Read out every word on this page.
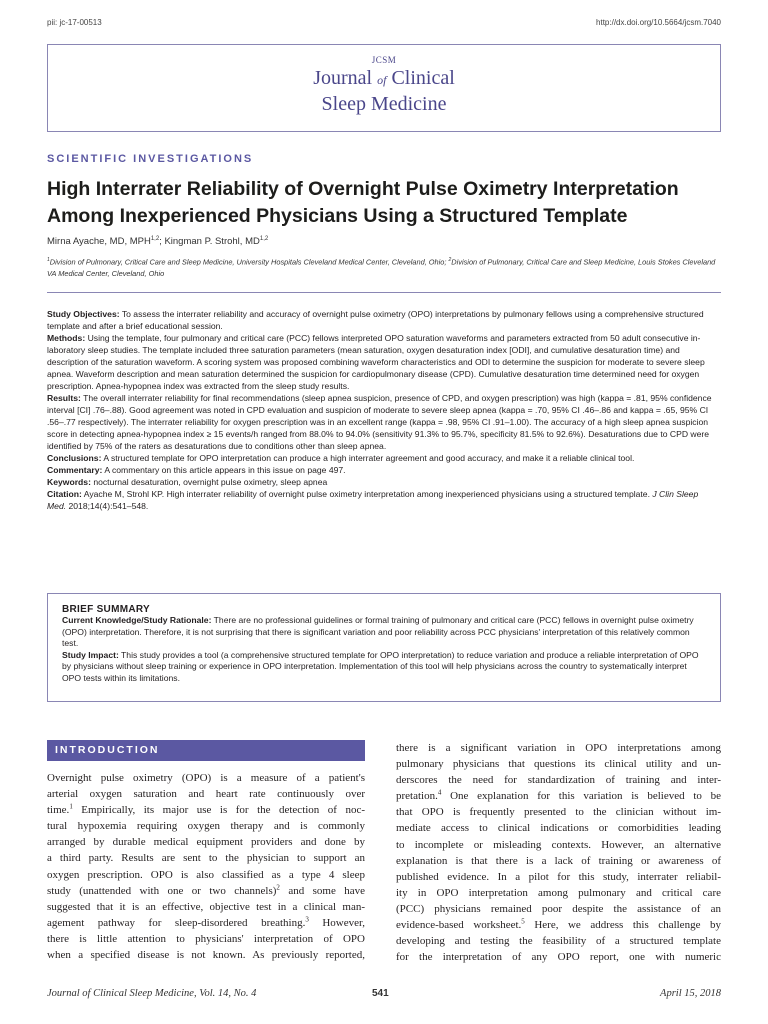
pii: jc-17-00513	http://dx.doi.org/10.5664/jcsm.7040
JCSM
Journal of Clinical
Sleep Medicine
SCIENTIFIC INVESTIGATIONS
High Interrater Reliability of Overnight Pulse Oximetry Interpretation Among Inexperienced Physicians Using a Structured Template
Mirna Ayache, MD, MPH$^{1,2}$; Kingman P. Strohl, MD$^{1,2}$
$^1$Division of Pulmonary, Critical Care and Sleep Medicine, University Hospitals Cleveland Medical Center, Cleveland, Ohio; $^2$Division of Pulmonary, Critical Care and Sleep Medicine, Louis Stokes Cleveland VA Medical Center, Cleveland, Ohio

Study Objectives: To assess the interrater reliability and accuracy of overnight pulse oximetry (OPO) interpretations by pulmonary fellows using a comprehensive structured template and after a brief educational session.

Methods: Using the template, four pulmonary and critical care (PCC) fellows interpreted OPO saturation waveforms and parameters extracted from 50 adult consecutive in-laboratory sleep studies. The template included three saturation parameters (mean saturation, oxygen desaturation index [ODI], and cumulative desaturation time) and description of the saturation waveform. A scoring system was proposed combining waveform characteristics and ODI to determine the suspicion for moderate to severe sleep apnea. Waveform description and mean saturation determined the suspicion for cardiopulmonary disease (CPD). Cumulative desaturation time determined need for oxygen prescription. Apnea-hypopnea index was extracted from the sleep study results.

Results: The overall interrater reliability for final recommendations (sleep apnea suspicion, presence of CPD, and oxygen prescription) was high (kappa = .81, 95% confidence interval [CI] .76–.88). Good agreement was noted in CPD evaluation and suspicion of moderate to severe sleep apnea (kappa = .70, 95% CI .46–.86 and kappa = .65, 95% CI .56–.77 respectively). The interrater reliability for oxygen prescription was in an excellent range (kappa = .98, 95% CI .91–1.00). The accuracy of a high sleep apnea suspicion score in detecting apnea-hypopnea index ≥ 15 events/h ranged from 88.0% to 94.0% (sensitivity 91.3% to 95.7%, specificity 81.5% to 92.6%). Desaturations due to CPD were identified by 75% of the raters as desaturations due to conditions other than sleep apnea.

Conclusions: A structured template for OPO interpretation can produce a high interrater agreement and good accuracy, and make it a reliable clinical tool.

Commentary: A commentary on this article appears in this issue on page 497.

Keywords: nocturnal desaturation, overnight pulse oximetry, sleep apnea

Citation: Ayache M, Strohl KP. High interrater reliability of overnight pulse oximetry interpretation among inexperienced physicians using a structured template. J Clin Sleep Med. 2018;14(4):541–548.

BRIEF SUMMARY

Current Knowledge/Study Rationale: There are no professional guidelines or formal training of pulmonary and critical care (PCC) fellows in overnight pulse oximetry (OPO) interpretation. Therefore, it is not surprising that there is significant variation and poor reliability across PCC physicians' interpretation of this relatively common test.

Study Impact: This study provides a tool (a comprehensive structured template for OPO interpretation) to reduce variation and produce a reliable interpretation of OPO by physicians without sleep training or experience in OPO interpretation. Implementation of this tool will help physicians across the country to systematically interpret OPO tests within its limitations.

INTRODUCTION
Overnight pulse oximetry (OPO) is a measure of a patient's
arterial oxygen saturation and heart rate continuously over
time.$^1$ Empirically, its major use is for the detection of noc-
tural hypoxemia requiring oxygen therapy and is commonly
arranged by durable medical equipment providers and done by
a third party. Results are sent to the physician to support an
oxygen prescription. OPO is also classified as a type 4 sleep
study (unattended with one or two channels)$^2$ and some have
suggested that it is an effective, objective test in a clinical man-
agement pathway for sleep-disordered breathing.$^3$ However,
there is little attention to physicians' interpretation of OPO
when a specified disease is not known. As previously reported,
there is a significant variation in OPO interpretations among
pulmonary physicians that questions its clinical utility and un-
derscores the need for standardization of training and inter-
pretation.$^4$ One explanation for this variation is believed to be
that OPO is frequently presented to the clinician without im-
mediate access to clinical indications or comorbidities leading
to incomplete or misleading contexts. However, an alternative
explanation is that there is a lack of training or awareness of
published evidence. In a pilot for this study, interrater reliabil-
ity in OPO interpretation among pulmonary and critical care
(PCC) physicians remained poor despite the assistance of an
evidence-based worksheet.$^5$ Here, we address this challenge by
developing and testing the feasibility of a structured template
for the interpretation of any OPO report, one with numeric
Journal of Clinical Sleep Medicine, Vol. 14, No. 4	541	April 15, 2018
